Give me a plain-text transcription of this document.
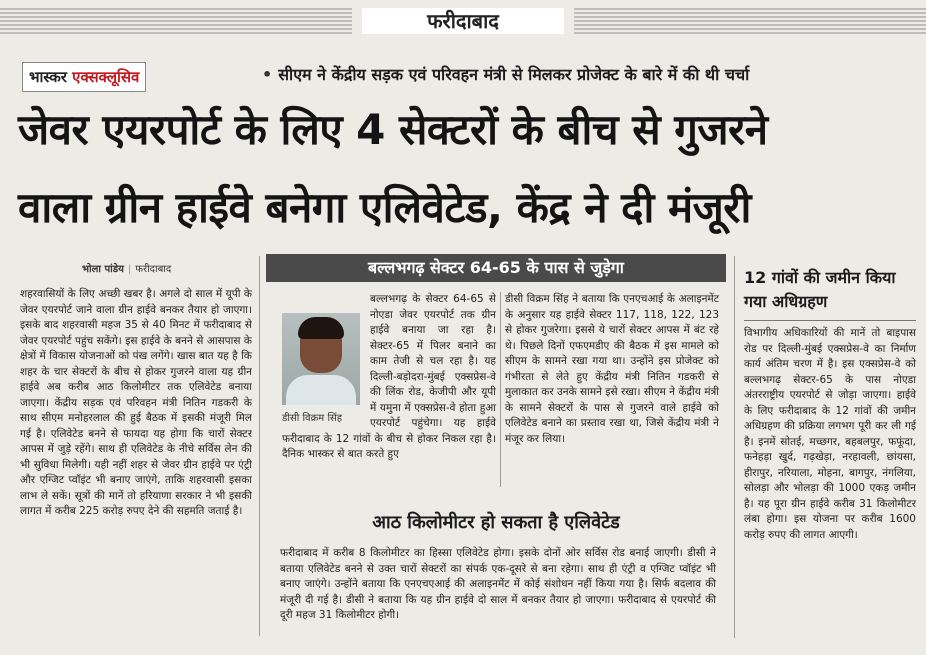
फरीदाबाद
भास्कर एक्सक्लूसिव	• सीएम ने केंद्रीय सड़क एवं परिवहन मंत्री से मिलकर प्रोजेक्ट के बारे में की थी चर्चा
जेवर एयरपोर्ट के लिए 4 सेक्टरों के बीच से गुजरने
वाला ग्रीन हाईवे बनेगा एलिवेटेड, केंद्र ने दी मंजूरी
भोला पांडेय | फरीदाबाद

शहरवासियों के लिए अच्छी खबर है। अगले दो साल में यूपी के जेवर एयरपोर्ट जाने वाला ग्रीन हाईवे बनकर तैयार हो जाएगा। इसके बाद शहरवासी महज 35 से 40 मिनट में फरीदाबाद से जेवर एयरपोर्ट पहुंच सकेंगे। इस हाईवे के बनने से आसपास के क्षेत्रों में विकास योजनाओं को पंख लगेंगे। खास बात यह है कि शहर के चार सेक्टरों के बीच से होकर गुजरने वाला यह ग्रीन हाईवे अब करीब आठ किलोमीटर तक एलिवेटेड बनाया जाएगा। केंद्रीय सड़क एवं परिवहन मंत्री नितिन गडकरी के साथ सीएम मनोहरलाल की हुई बैठक में इसकी मंजूरी मिल गई है। एलिवेटेड बनने से फायदा यह होगा कि चारों सेक्टर आपस में जुड़े रहेंगे। साथ ही एलिवेटेड के नीचे सर्विस लेन की भी सुविधा मिलेगी। यही नहीं शहर से जेवर ग्रीन हाईवे पर एंट्री और एग्जिट प्वॉइंट भी बनाए जाएंगे, ताकि शहरवासी इसका लाभ ले सकें। सूत्रों की मानें तो हरियाणा सरकार ने भी इसकी लागत में करीब 225 करोड़ रुपए देने की सहमति जताई है।

बल्लभगढ़ सेक्टर 64-65 के पास से जुड़ेगा
डीसी विक्रम सिंह

बल्लभगढ़ के सेक्टर 64-65 से नोएडा जेवर एयरपोर्ट तक ग्रीन हाईवे बनाया जा रहा है। सेक्टर-65 में पिलर बनाने का काम तेजी से चल रहा है। यह दिल्ली-बड़ोदरा-मुंबई एक्सप्रेस-वे की लिंक रोड, केजीपी और यूपी में यमुना में एक्सप्रेस-वे होता हुआ एयरपोर्ट पहुंचेगा। यह हाईवे फरीदाबाद के 12 गांवों के बीच से होकर निकल रहा है। दैनिक भास्कर से बात करते हुए

डीसी विक्रम सिंह ने बताया कि एनएचआई के अलाइनमेंट के अनुसार यह हाईवे सेक्टर 117, 118, 122, 123 से होकर गुजरेगा। इससे ये चारों सेक्टर आपस में बंट रहे थे। पिछले दिनों एफएमडीए की बैठक में इस मामले को सीएम के सामने रखा गया था। उन्होंने इस प्रोजेक्ट को गंभीरता से लेते हुए केंद्रीय मंत्री नितिन गडकरी से मुलाकात कर उनके सामने इसे रखा। सीएम ने केंद्रीय मंत्री के सामने सेक्टरों के पास से गुजरने वाले हाईवे को एलिवेटेड बनाने का प्रस्ताव रखा था, जिसे केंद्रीय मंत्री ने मंजूर कर लिया।

आठ किलोमीटर हो सकता है एलिवेटेड

फरीदाबाद में करीब 8 किलोमीटर का हिस्सा एलिवेटेड होगा। इसके दोनों ओर सर्विस रोड बनाई जाएगी। डीसी ने बताया एलिवेटेड बनने से उक्त चारों सेक्टरों का संपर्क एक-दूसरे से बना रहेगा। साथ ही एंट्री व एग्जिट प्वॉइंट भी बनाए जाएंगे। उन्होंने बताया कि एनएचएआई की अलाइनमेंट में कोई संशोधन नहीं किया गया है। सिर्फ बदलाव की मंजूरी दी गई है। डीसी ने बताया कि यह ग्रीन हाईवे दो साल में बनकर तैयार हो जाएगा। फरीदाबाद से एयरपोर्ट की दूरी महज 31 किलोमीटर होगी।

12 गांवों की जमीन किया गया अधिग्रहण

विभागीय अधिकारियों की मानें तो बाइपास रोड पर दिल्ली-मुंबई एक्सप्रेस-वे का निर्माण कार्य अंतिम चरण में है। इस एक्सप्रेस-वे को बल्लभगढ़ सेक्टर-65 के पास नोएडा अंतरराष्ट्रीय एयरपोर्ट से जोड़ा जाएगा। हाईवे के लिए फरीदाबाद के 12 गांवों की जमीन अधिग्रहण की प्रक्रिया लगभग पूरी कर ली गई है। इनमें सोतई, मच्छगर, बहबलपुर, फफूंदा, फनेहड़ा खुर्द, गढ़खेड़ा, नरहावली, छांयसा, हीरापुर, नरियाला, मोहना, बागपुर, नंगलिया, सोलड़ा और भोलड़ा की 1000 एकड़ जमीन है। यह पूरा ग्रीन हाईवे करीब 31 किलोमीटर लंबा होगा। इस योजना पर करीब 1600 करोड़ रुपए की लागत आएगी।
